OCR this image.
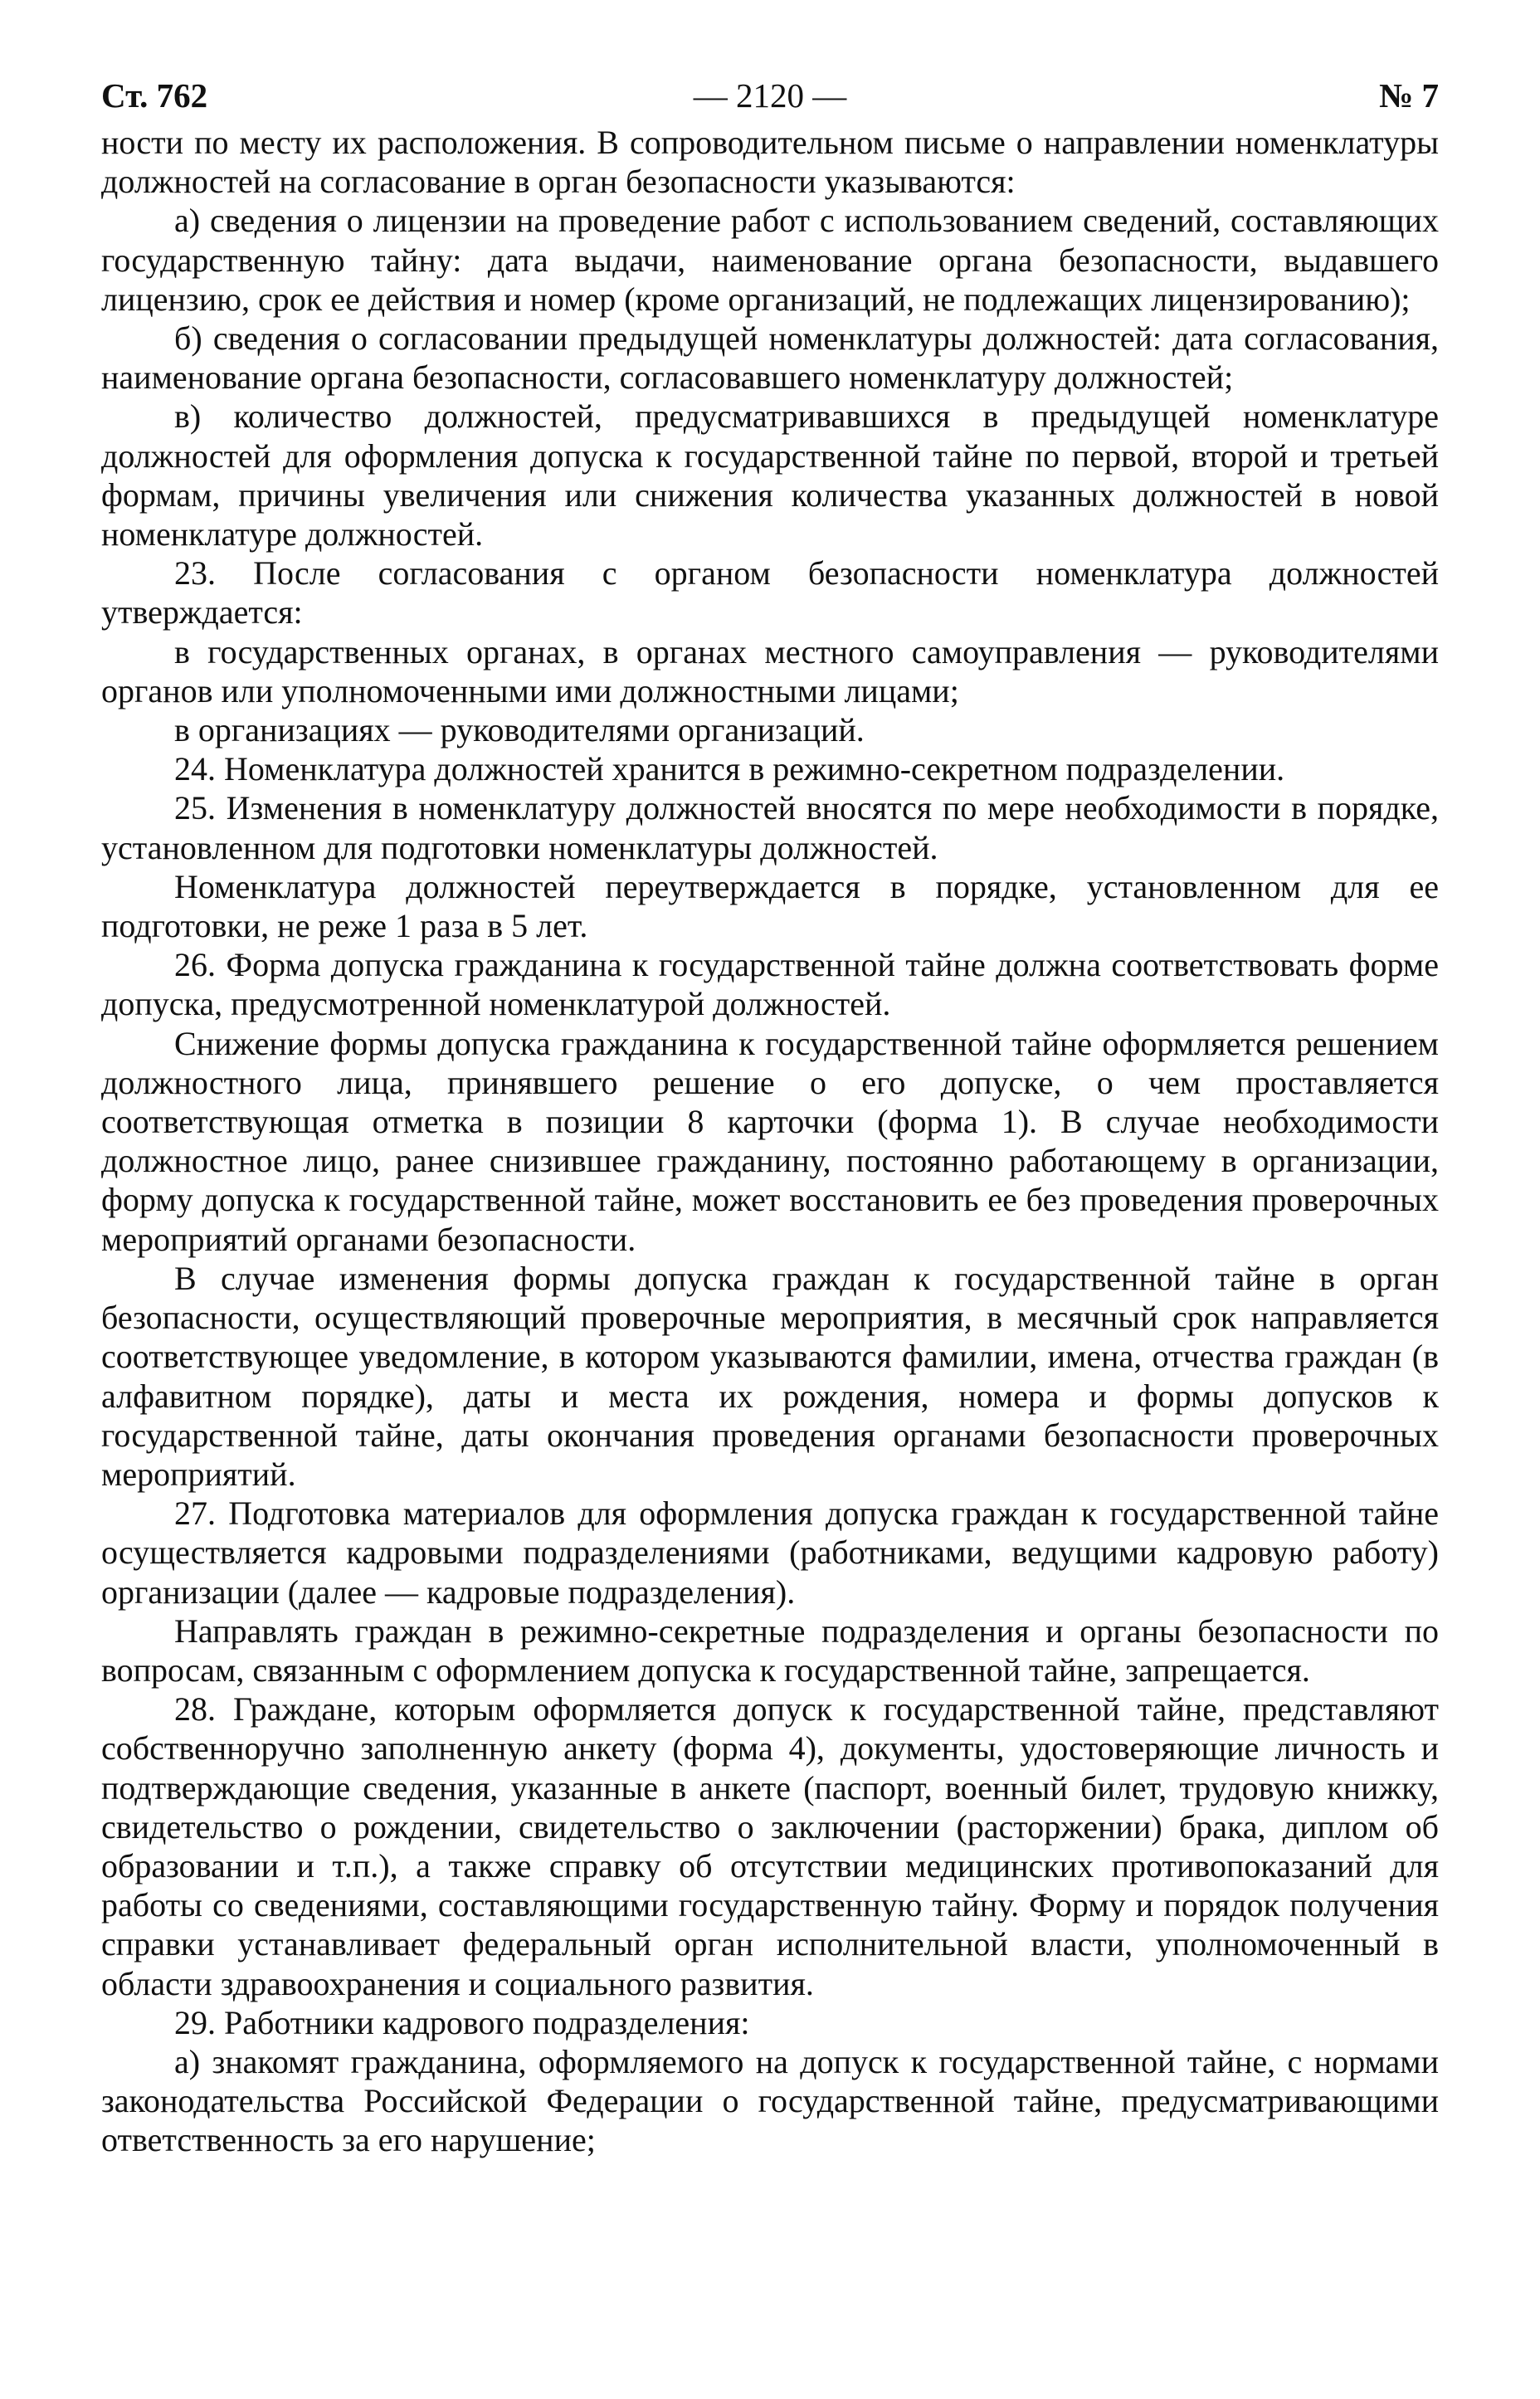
Ст. 762	— 2120 —	№ 7

ности по месту их расположения. В сопроводительном письме о направлении номенклатуры должностей на согласование в орган безопасности указываются:

а) сведения о лицензии на проведение работ с использованием сведений, составляющих государственную тайну: дата выдачи, наименование органа безопасности, выдавшего лицензию, срок ее действия и номер (кроме организаций, не подлежащих лицензированию);

б) сведения о согласовании предыдущей номенклатуры должностей: дата согласования, наименование органа безопасности, согласовавшего номенклатуру должностей;

в) количество должностей, предусматривавшихся в предыдущей номенклатуре должностей для оформления допуска к государственной тайне по первой, второй и третьей формам, причины увеличения или снижения количества указанных должностей в новой номенклатуре должностей.

23. После согласования с органом безопасности номенклатура должностей утверждается:

в государственных органах, в органах местного самоуправления — руководителями органов или уполномоченными ими должностными лицами;

в организациях — руководителями организаций.

24. Номенклатура должностей хранится в режимно-секретном подразделении.

25. Изменения в номенклатуру должностей вносятся по мере необходимости в порядке, установленном для подготовки номенклатуры должностей.

Номенклатура должностей переутверждается в порядке, установленном для ее подготовки, не реже 1 раза в 5 лет.

26. Форма допуска гражданина к государственной тайне должна соответствовать форме допуска, предусмотренной номенклатурой должностей.

Снижение формы допуска гражданина к государственной тайне оформляется решением должностного лица, принявшего решение о его допуске, о чем проставляется соответствующая отметка в позиции 8 карточки (форма 1). В случае необходимости должностное лицо, ранее снизившее гражданину, постоянно работающему в организации, форму допуска к государственной тайне, может восстановить ее без проведения проверочных мероприятий органами безопасности.

В случае изменения формы допуска граждан к государственной тайне в орган безопасности, осуществляющий проверочные мероприятия, в месячный срок направляется соответствующее уведомление, в котором указываются фамилии, имена, отчества граждан (в алфавитном порядке), даты и места их рождения, номера и формы допусков к государственной тайне, даты окончания проведения органами безопасности проверочных мероприятий.

27. Подготовка материалов для оформления допуска граждан к государственной тайне осуществляется кадровыми подразделениями (работниками, ведущими кадровую работу) организации (далее — кадровые подразделения).

Направлять граждан в режимно-секретные подразделения и органы безопасности по вопросам, связанным с оформлением допуска к государственной тайне, запрещается.

28. Граждане, которым оформляется допуск к государственной тайне, представляют собственноручно заполненную анкету (форма 4), документы, удостоверяющие личность и подтверждающие сведения, указанные в анкете (паспорт, военный билет, трудовую книжку, свидетельство о рождении, свидетельство о заключении (расторжении) брака, диплом об образовании и т.п.), а также справку об отсутствии медицинских противопоказаний для работы со сведениями, составляющими государственную тайну. Форму и порядок получения справки устанавливает федеральный орган исполнительной власти, уполномоченный в области здравоохранения и социального развития.

29. Работники кадрового подразделения:

а) знакомят гражданина, оформляемого на допуск к государственной тайне, с нормами законодательства Российской Федерации о государственной тайне, предусматривающими ответственность за его нарушение;
